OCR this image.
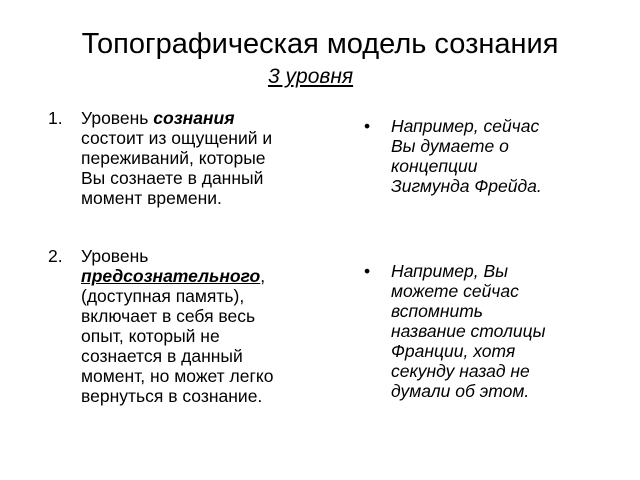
Топографическая модель сознания
3 уровня
1.	Уровень сознания

состоит из ощущений и

переживаний, которые

Вы сознаете в данный

момент времени.

2.	Уровень

предсознательного,

(доступная память),

включает в себя весь

опыт, который не

сознается в данный

момент, но может легко

вернуться в сознание.

•	Например, сейчас

Вы думаете о

концепции

Зигмунда Фрейда.

•	Например, Вы

можете сейчас

вспомнить

название столицы

Франции, хотя

секунду назад не

думали об этом.
